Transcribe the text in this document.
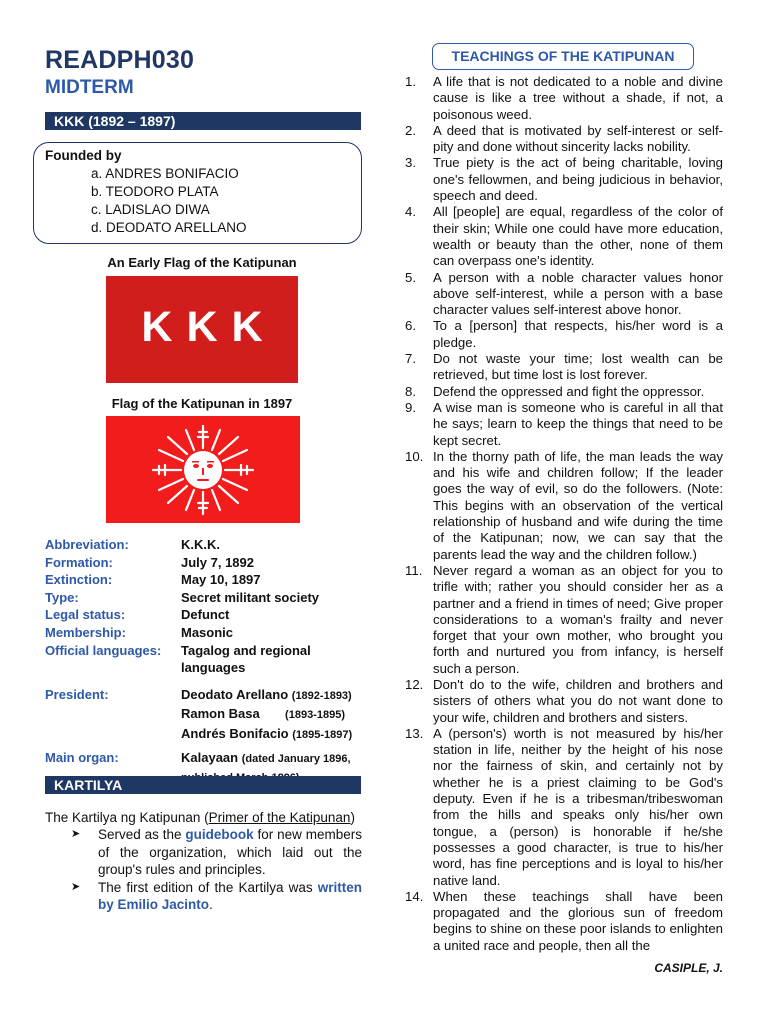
READPH030
MIDTERM
KKK (1892 – 1897)
Founded by
a. ANDRES BONIFACIO
b. TEODORO PLATA
c. LADISLAO DIWA
d. DEODATO ARELLANO
An Early Flag of the Katipunan
KKK
Flag of the Katipunan in 1897
Abbreviation:	K.K.K.
Formation:	July 7, 1892
Extinction:	May 10, 1897
Type:	Secret militant society
Legal status:	Defunct
Membership:	Masonic
Official languages:	Tagalog and regional languages
President:	Deodato Arellano (1892-1893)
Ramon Basa (1893-1895)
Andrés Bonifacio (1895-1897)

Main organ:	Kalayaan (dated January 1896,
KARTILYA
The Kartilya ng Katipunan (Primer of the Katipunan)
➤ Served as the guidebook for new members of the organization, which laid out the group's rules and principles.
➤ The first edition of the Kartilya was written by Emilio Jacinto.
TEACHINGS OF THE KATIPUNAN
1. A life that is not dedicated to a noble and divine cause is like a tree without a shade, if not, a poisonous weed.
2. A deed that is motivated by self-interest or self-pity and done without sincerity lacks nobility.
3. True piety is the act of being charitable, loving one's fellowmen, and being judicious in behavior, speech and deed.
4. All [people] are equal, regardless of the color of their skin; While one could have more education, wealth or beauty than the other, none of them can overpass one's identity.
5. A person with a noble character values honor above self-interest, while a person with a base character values self-interest above honor.
6. To a [person] that respects, his/her word is a pledge.
7. Do not waste your time; lost wealth can be retrieved, but time lost is lost forever.
8. Defend the oppressed and fight the oppressor.
9. A wise man is someone who is careful in all that he says; learn to keep the things that need to be kept secret.
10. In the thorny path of life, the man leads the way and his wife and children follow; If the leader goes the way of evil, so do the followers. (Note: This begins with an observation of the vertical relationship of husband and wife during the time of the Katipunan; now, we can say that the parents lead the way and the children follow.)
11. Never regard a woman as an object for you to trifle with; rather you should consider her as a partner and a friend in times of need; Give proper considerations to a woman's frailty and never forget that your own mother, who brought you forth and nurtured you from infancy, is herself such a person.
12. Don't do to the wife, children and brothers and sisters of others what you do not want done to your wife, children and brothers and sisters.
13. A (person's) worth is not measured by his/her station in life, neither by the height of his nose nor the fairness of skin, and certainly not by whether he is a priest claiming to be God's deputy. Even if he is a tribesman/tribeswoman from the hills and speaks only his/her own tongue, a (person) is honorable if he/she possesses a good character, is true to his/her word, has fine perceptions and is loyal to his/her native land.
14. When these teachings shall have been propagated and the glorious sun of freedom begins to shine on these poor islands to enlighten a united race and people, then all the
CASIPLE, J.
